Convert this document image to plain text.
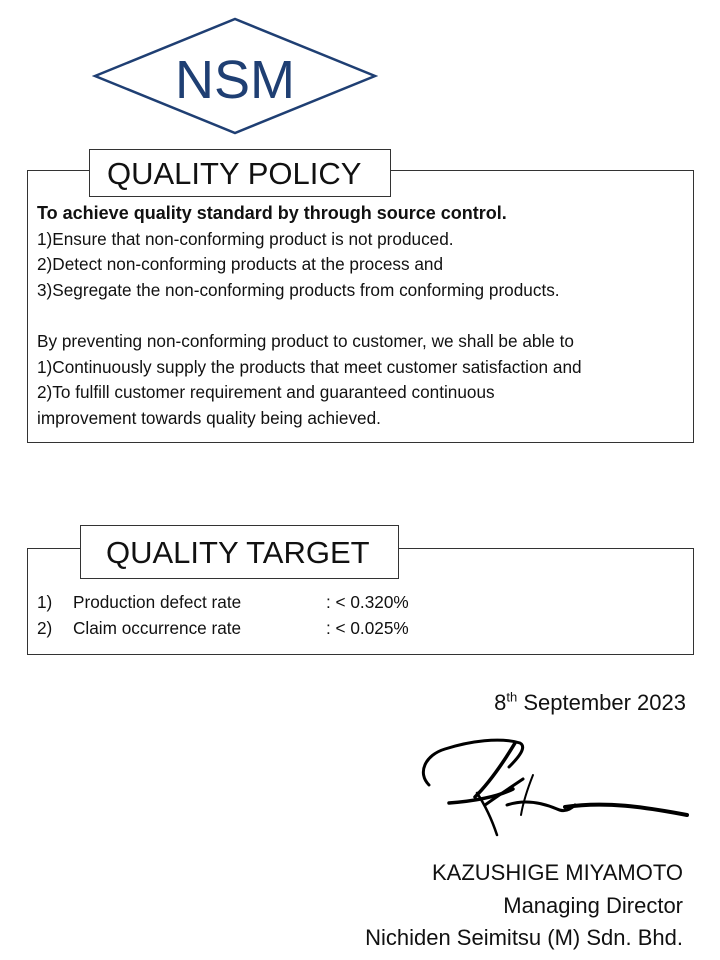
NSM
QUALITY POLICY
To achieve quality standard by through source control.
1)Ensure that non-conforming product is not produced.
2)Detect non-conforming products at the process and
3)Segregate the non-conforming products from conforming products.
By preventing non-conforming product to customer, we shall be able to
1)Continuously supply the products that meet customer satisfaction and
2)To fulfill customer requirement and guaranteed continuous
improvement towards quality being achieved.
QUALITY TARGET
1)	Production defect rate	: < 0.320%
2)	Claim occurrence rate	: < 0.025%
8th September 2023
KAZUSHIGE MIYAMOTO
Managing Director
Nichiden Seimitsu (M) Sdn. Bhd.
